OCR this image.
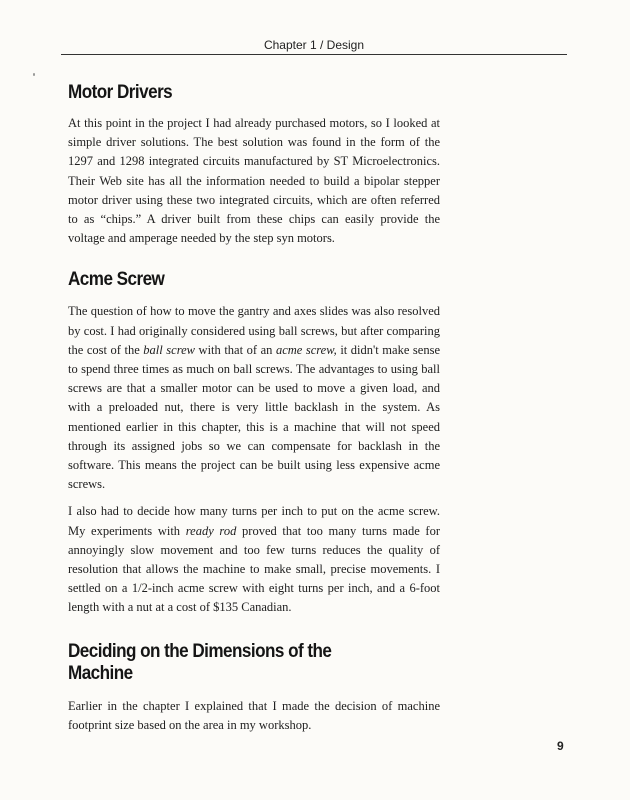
Chapter 1 / Design
Motor Drivers

At this point in the project I had already purchased motors, so I looked at simple driver solutions. The best solution was found in the form of the 1297 and 1298 integrated circuits manufactured by ST Microelectronics. Their Web site has all the information needed to build a bipolar stepper motor driver using these two integrated circuits, which are often referred to as “chips.” A driver built from these chips can easily provide the voltage and amperage needed by the step syn motors.

Acme Screw

The question of how to move the gantry and axes slides was also resolved by cost. I had originally considered using ball screws, but after comparing the cost of the ball screw with that of an acme screw, it didn't make sense to spend three times as much on ball screws. The advantages to using ball screws are that a smaller motor can be used to move a given load, and with a preloaded nut, there is very little backlash in the system. As mentioned earlier in this chapter, this is a machine that will not speed through its assigned jobs so we can compensate for backlash in the software. This means the project can be built using less expensive acme screws.

I also had to decide how many turns per inch to put on the acme screw. My experiments with ready rod proved that too many turns made for annoyingly slow movement and too few turns reduces the quality of resolution that allows the machine to make small, precise movements. I settled on a 1/2-inch acme screw with eight turns per inch, and a 6-foot length with a nut at a cost of $135 Canadian.

Deciding on the Dimensions of the Machine

Earlier in the chapter I explained that I made the decision of machine footprint size based on the area in my workshop.

9
